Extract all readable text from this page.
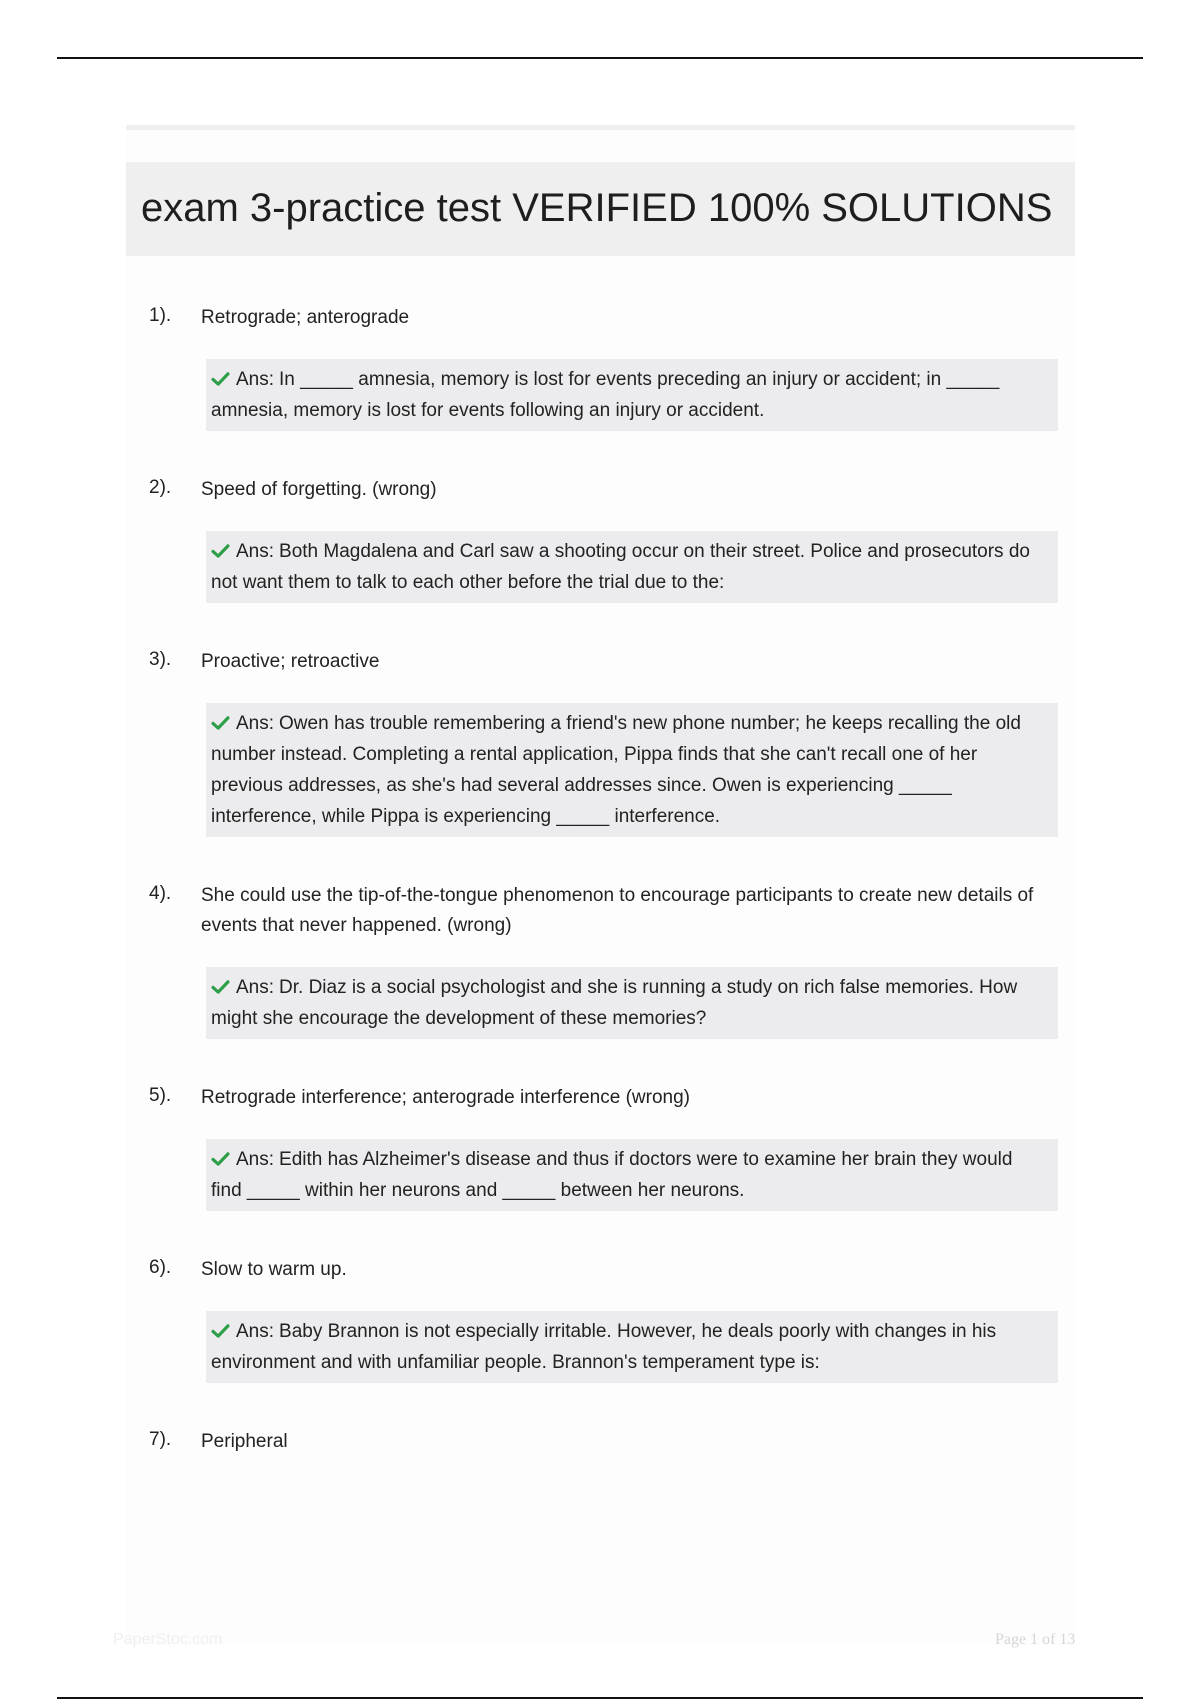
exam 3-practice test VERIFIED 100% SOLUTIONS
1). Retrograde; anterograde
Ans: In _____ amnesia, memory is lost for events preceding an injury or accident; in _____ amnesia, memory is lost for events following an injury or accident.
2). Speed of forgetting. (wrong)
Ans: Both Magdalena and Carl saw a shooting occur on their street. Police and prosecutors do not want them to talk to each other before the trial due to the:
3). Proactive; retroactive
Ans: Owen has trouble remembering a friend's new phone number; he keeps recalling the old number instead. Completing a rental application, Pippa finds that she can't recall one of her previous addresses, as she's had several addresses since. Owen is experiencing _____ interference, while Pippa is experiencing _____ interference.
4). She could use the tip-of-the-tongue phenomenon to encourage participants to create new details of events that never happened. (wrong)
Ans: Dr. Diaz is a social psychologist and she is running a study on rich false memories. How might she encourage the development of these memories?
5). Retrograde interference; anterograde interference (wrong)
Ans: Edith has Alzheimer's disease and thus if doctors were to examine her brain they would find _____ within her neurons and _____ between her neurons.
6). Slow to warm up.
Ans: Baby Brannon is not especially irritable. However, he deals poorly with changes in his environment and with unfamiliar people. Brannon's temperament type is:
7). Peripheral
PaperStoc.com	Page 1 of 13
